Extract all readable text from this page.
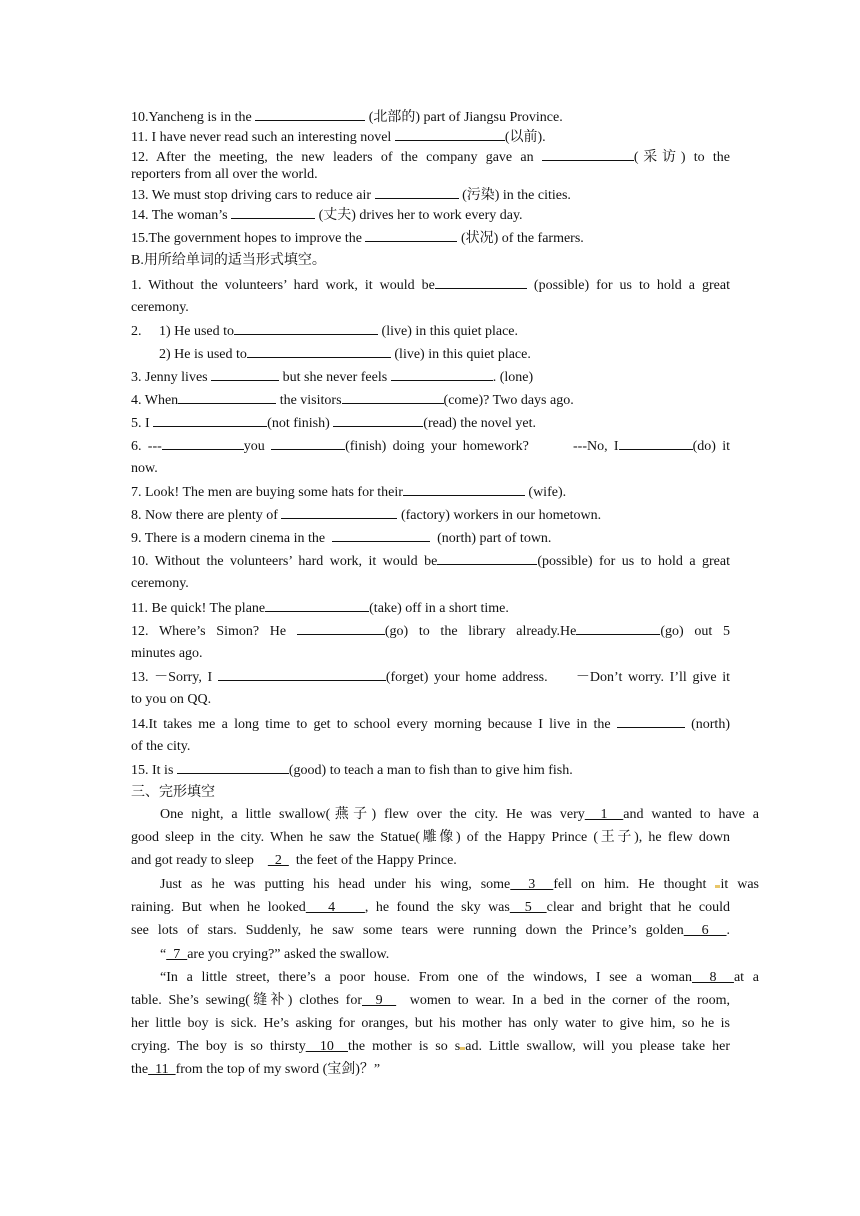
10.Yancheng is in the	(北部的) part of Jiangsu Province.
11. I have never read such an interesting novel	(以前).
12. After the meeting, the new leaders of the company gave an	(采访) to the
reporters from all over the world.
13. We must stop driving cars to reduce air	(污染) in the cities.
14. The woman’s	(丈夫) drives her to work every day.
15.The government hopes to improve the	(状况) of the farmers.
B.用所给单词的适当形式填空。
1. Without the volunteers’ hard work, it would be	(possible) for us to hold a great
ceremony.
2.     1) He used to	(live) in this quiet place.
2) He is used to	(live) in this quiet place.
3. Jenny lives	but she never feels	. (lone)
4. When	the visitors	(come)? Two days ago.
5. I	(not finish)	(read) the novel yet.
6. ---	you	(finish) doing your homework?       ---No, I	(do) it
now.
7. Look! The men are buying some hats for their	(wife).
8. Now there are plenty of	(factory) workers in our hometown.
9. There is a modern cinema in the	(north) part of town.
10. Without the volunteers’ hard work, it would be	(possible) for us to hold a great
ceremony.
11. Be quick! The plane	(take) off in a short time.
12. Where’s Simon? He	(go) to the library already.He	(go) out 5
minutes ago.
13. －Sorry, I	(forget) your home address.     －Don’t worry. I’ll give it
to you on QQ.
14.It takes me a long time to get to school every morning because I live in the	(north)
of the city.
15. It is	(good) to teach a man to fish than to give him fish.
三、完形填空
One night, a little swallow(燕子) flew over the city. He was very  1  and wanted to have a
good sleep in the city. When he saw the Statue(雕像) of the Happy Prince (王子), he flew down
and got ready to sleep      2    the feet of the Happy Prince.
Just as he was putting his head under his wing, some  3  fell on him. He thought it was
raining. But when he looked   4    , he found the sky was  5  clear and bright that he could
see lots of stars. Suddenly, he saw some tears were running down the Prince’s golden  6  .
“  7  are you crying?” asked the swallow.
“In a little street, there’s a poor house. From one of the windows, I see a woman  8  at a
table. She’s sewing(缝补) clothes for  9    women to wear. In a bed in the corner of the room,
her little boy is sick. He’s asking for oranges, but his mother has only water to give him, so he is
crying. The boy is so thirsty  10  the mother is so s ad. Little swallow, will you please take her
the  11  from the top of my sword (宝剑)？”
